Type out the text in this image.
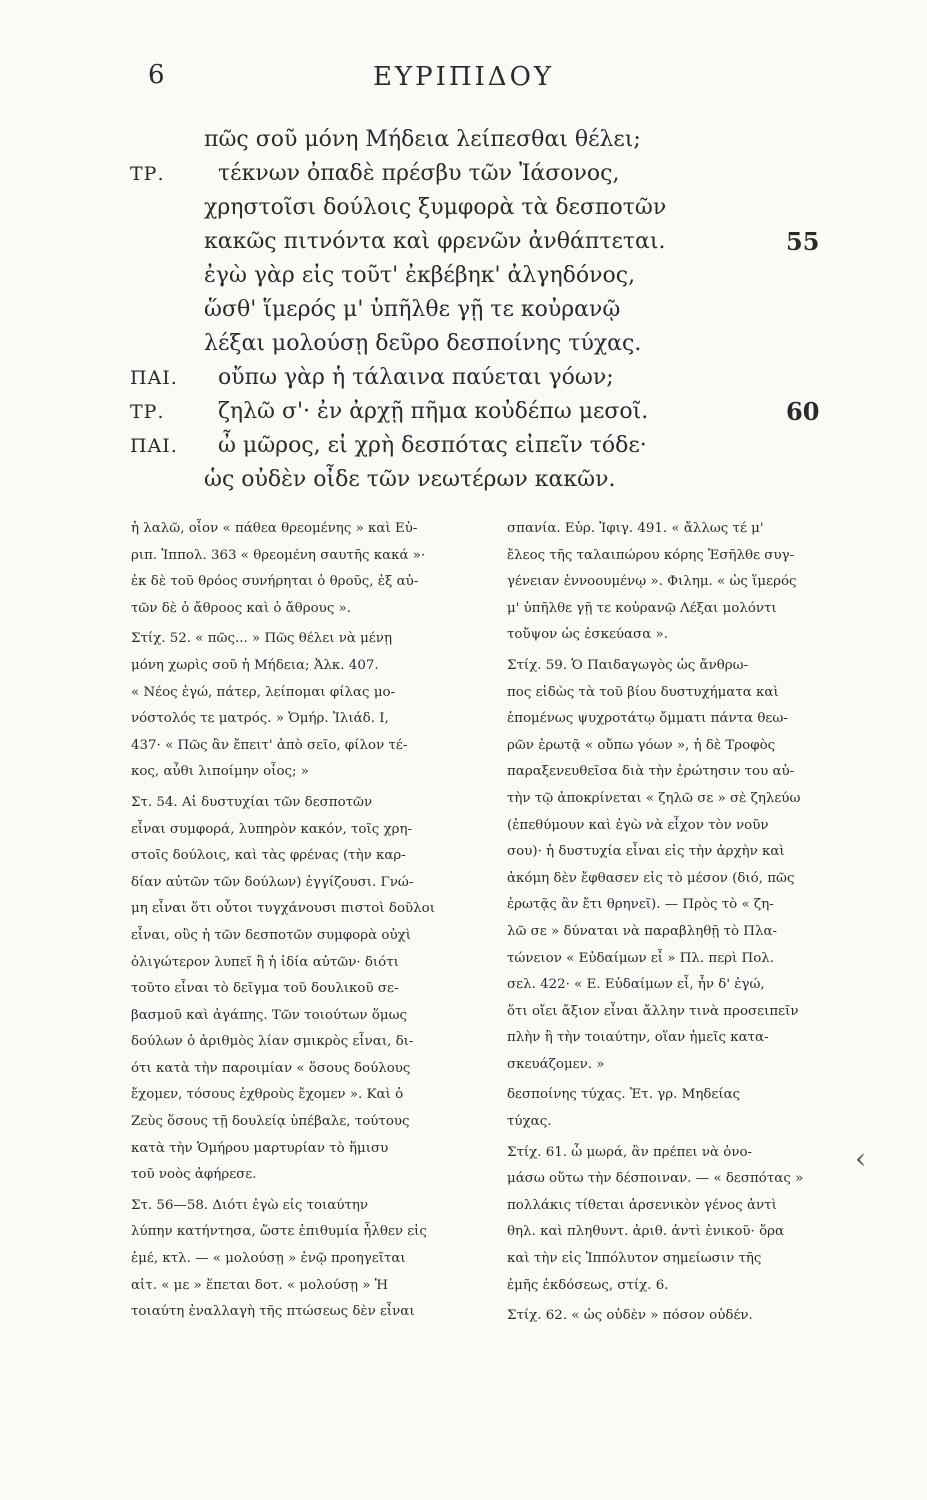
6	ΕΥΡΙΠΙΔΟΥ
πῶς σοῦ μόνη Μήδεια λείπεσθαι θέλει;
ΤΡ. τέκνων ὀπαδὲ πρέσβυ τῶν Ἰάσονος,
χρηστοῖσι δούλοις ξυμφορὰ τὰ δεσποτῶν
κακῶς πιτνόντα καὶ φρενῶν ἀνθάπτεται.	55
ἐγὼ γὰρ εἰς τοῦτ' ἐκβέβηκ' ἀλγηδόνος,
ὥσθ' ἵμερός μ' ὑπῆλθε γῇ τε κοὐρανῷ
λέξαι μολούσῃ δεῦρο δεσποίνης τύχας.
ΠΑΙ. οὔπω γὰρ ἡ τάλαινα παύεται γόων;
ΤΡ. ζηλῶ σ'· ἐν ἀρχῇ πῆμα κοὐδέπω μεσοῖ.	60
ΠΑΙ. ὦ μῶρος, εἰ χρὴ δεσπότας εἰπεῖν τόδε·
ὡς οὐδὲν οἶδε τῶν νεωτέρων κακῶν.

ἡ λαλῶ, οἷον « πάθεα θρεομένης » καὶ Εὐ-

ριπ. Ἱππολ. 363 « θρεομένη σαυτῆς κακά »·

ἐκ δὲ τοῦ θρόος συνήρηται ὁ θροῦς, ἐξ αὐ-

τῶν δὲ ὁ ἄθροος καὶ ὁ ἄθρους ».

Στίχ. 52. « πῶς... » Πῶς θέλει νὰ μένῃ

μόνη χωρὶς σοῦ ἡ Μήδεια; Ἀλκ. 407.

« Νέος ἐγώ, πάτερ, λείπομαι φίλας μο-

νόστολός τε ματρός. » Ὁμήρ. Ἰλιάδ. Ι,

437· « Πῶς ἂν ἔπειτ' ἀπὸ σεῖο, φίλον τέ-

κος, αὖθι λιποίμην οἶος; »

Στ. 54. Αἱ δυστυχίαι τῶν δεσποτῶν

εἶναι συμφορά, λυπηρὸν κακόν, τοῖς χρη-

στοῖς δούλοις, καὶ τὰς φρένας (τὴν καρ-

δίαν αὐτῶν τῶν δούλων) ἐγγίζουσι. Γνώ-

μη εἶναι ὅτι οὗτοι τυγχάνουσι πιστοὶ δοῦλοι

εἶναι, οὓς ἡ τῶν δεσποτῶν συμφορὰ οὐχὶ

ὀλιγώτερον λυπεῖ ἢ ἡ ἰδία αὐτῶν· διότι

τοῦτο εἶναι τὸ δεῖγμα τοῦ δουλικοῦ σε-

βασμοῦ καὶ ἀγάπης. Τῶν τοιούτων ὅμως

δούλων ὁ ἀριθμὸς λίαν σμικρὸς εἶναι, δι-

ότι κατὰ τὴν παροιμίαν « ὅσους δούλους

ἔχομεν, τόσους ἐχθροὺς ἔχομεν ». Καὶ ὁ

Ζεὺς ὅσους τῇ δουλείᾳ ὑπέβαλε, τούτους

κατὰ τὴν Ὁμήρου μαρτυρίαν τὸ ἥμισυ

τοῦ νοὸς ἀφήρεσε.

Στ. 56—58. Διότι ἐγὼ εἰς τοιαύτην

λύπην κατήντησα, ὥστε ἐπιθυμία ἦλθεν εἰς

ἐμέ, κτλ. — « μολούσῃ » ἐνῷ προηγεῖται

αἰτ. « με » ἕπεται δοτ. « μολούσῃ » Ἡ

τοιαύτη ἐναλλαγὴ τῆς πτώσεως δὲν εἶναι

σπανία. Εὐρ. Ἰφιγ. 491. « ἄλλως τέ μ'

ἔλεος τῆς ταλαιπώρου κόρης Ἐσῆλθε συγ-

γένειαν ἐννοουμένῳ ». Φιλημ. « ὡς ἵμερός

μ' ὑπῆλθε γῇ τε κοὐρανῷ Λέξαι μολόντι

τοὔψον ὡς ἐσκεύασα ».

Στίχ. 59. Ὁ Παιδαγωγὸς ὡς ἄνθρω-

πος εἰδὼς τὰ τοῦ βίου δυστυχήματα καὶ

ἑπομένως ψυχροτάτῳ ὄμματι πάντα θεω-

ρῶν ἐρωτᾷ « οὔπω γόων », ἡ δὲ Τροφὸς

παραξενευθεῖσα διὰ τὴν ἐρώτησιν του αὐ-

τὴν τῷ ἀποκρίνεται « ζηλῶ σε » σὲ ζηλεύω

(ἐπεθύμουν καὶ ἐγὼ νὰ εἶχον τὸν νοῦν

σου)· ἡ δυστυχία εἶναι εἰς τὴν ἀρχὴν καὶ

ἀκόμη δὲν ἔφθασεν εἰς τὸ μέσον (διό, πῶς

ἐρωτᾷς ἂν ἔτι θρηνεῖ). — Πρὸς τὸ « ζη-

λῶ σε » δύναται νὰ παραβληθῇ τὸ Πλα-

τώνειον « Εὐδαίμων εἶ » Πλ. περὶ Πολ.

σελ. 422· « Ε. Εὐδαίμων εἶ, ἦν δ' ἐγώ,

ὅτι οἴει ἄξιον εἶναι ἄλλην τινὰ προσειπεῖν

πλὴν ἢ τὴν τοιαύτην, οἵαν ἡμεῖς κατα-

σκευάζομεν. »

δεσποίνης τύχας. Ἐτ. γρ. Μηδείας

τύχας.

Στίχ. 61. ὦ μωρά, ἂν πρέπει νὰ ὀνο-

μάσω οὕτω τὴν δέσποιναν. — « δεσπότας »

πολλάκις τίθεται ἀρσενικὸν γένος ἀντὶ

θηλ. καὶ πληθυντ. ἀριθ. ἀντὶ ἑνικοῦ· ὅρα

καὶ τὴν εἰς Ἱππόλυτον σημείωσιν τῆς

ἐμῆς ἐκδόσεως, στίχ. 6.

Στίχ. 62. « ὡς οὐδὲν » πόσον οὐδέν.

‹
